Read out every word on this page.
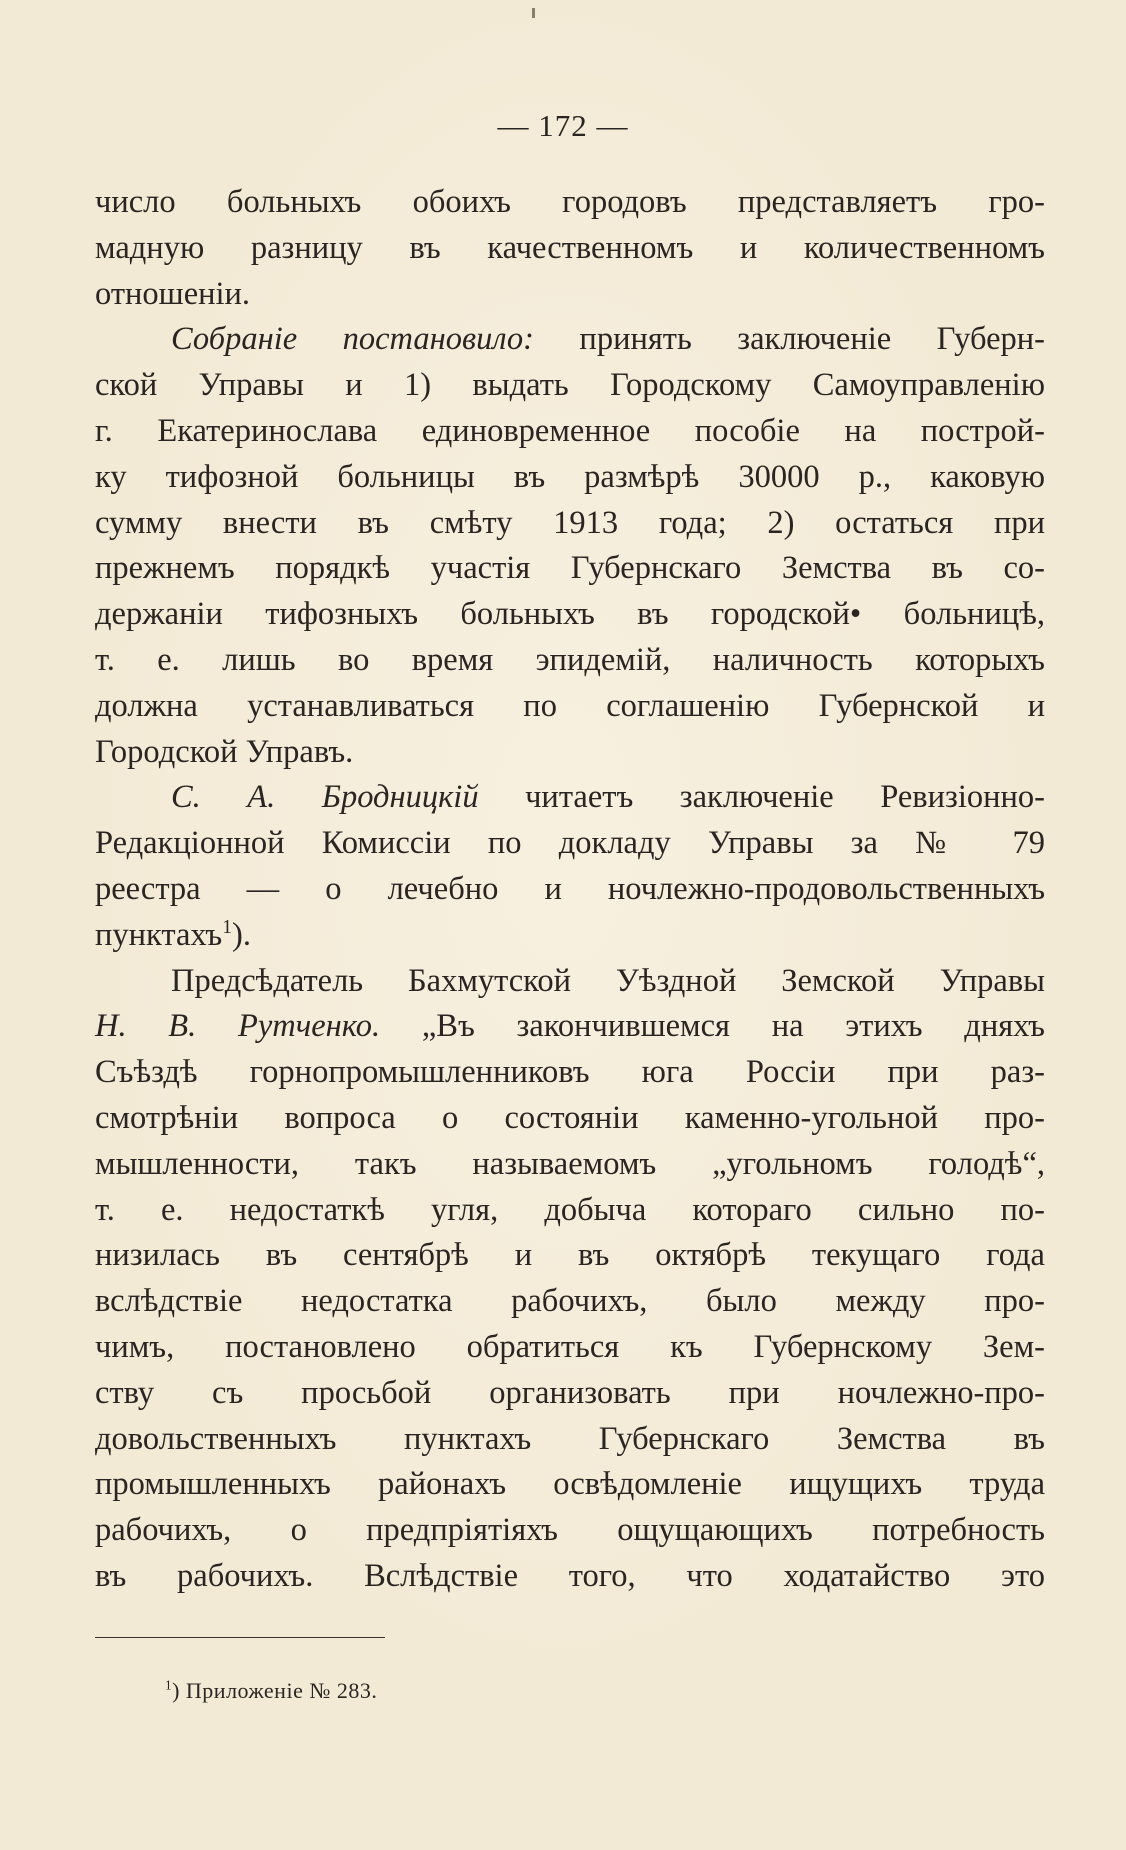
— 172 —
число больныхъ обоихъ городовъ представляетъ гро-
мадную разницу въ качественномъ и количественномъ
отношеніи.
Собраніе постановило: принять заключеніе Губерн-
ской Управы и 1) выдать Городскому Самоуправленію
г. Екатеринослава единовременное пособіе на построй-
ку тифозной больницы въ размѣрѣ 30000 р., каковую
сумму внести въ смѣту 1913 года; 2) остаться при
прежнемъ порядкѣ участія Губернскаго Земства въ со-
держаніи тифозныхъ больныхъ въ городской• больницѣ,
т. е. лишь во время эпидемій, наличность которыхъ
должна устанавливаться по соглашенію Губернской и
Городской Управъ.
С. А. Бродницкій читаетъ заключеніе Ревизіонно-
Редакціонной Комиссіи по докладу Управы за № 79
реестра — о лечебно и ночлежно-продовольственныхъ
пунктахъ$^1$).
Предсѣдатель Бахмутской Уѣздной Земской Управы
Н. В. Рутченко. „Въ закончившемся на этихъ дняхъ
Съѣздѣ горнопромышленниковъ юга Россіи при раз-
смотрѣніи вопроса о состояніи каменно-угольной про-
мышленности, такъ называемомъ „угольномъ голодѣ“,
т. е. недостаткѣ угля, добыча котораго сильно по-
низилась въ сентябрѣ и въ октябрѣ текущаго года
вслѣдствіе недостатка рабочихъ, было между про-
чимъ, постановлено обратиться къ Губернскому Зем-
ству съ просьбой организовать при ночлежно-про-
довольственныхъ пунктахъ Губернскаго Земства въ
промышленныхъ районахъ освѣдомленіе ищущихъ труда
рабочихъ, о предпріятіяхъ ощущающихъ потребность
въ рабочихъ. Вслѣдствіе того, что ходатайство это
$^1$) Приложеніе № 283.
